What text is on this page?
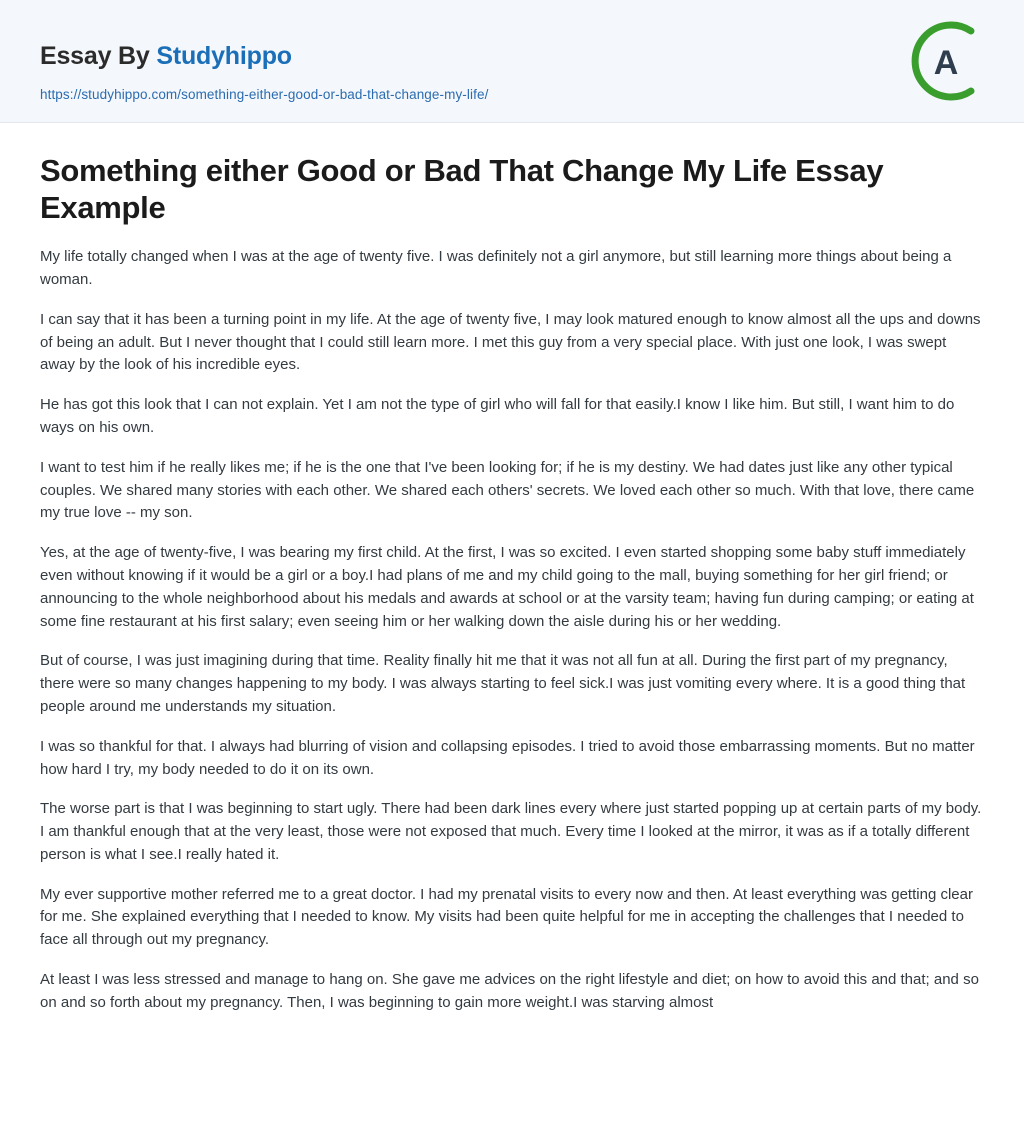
Essay By Studyhippo
https://studyhippo.com/something-either-good-or-bad-that-change-my-life/
A
Something either Good or Bad That Change My Life Essay Example

My life totally changed when I was at the age of twenty five. I was definitely not a girl anymore, but still learning more things about being a woman.

I can say that it has been a turning point in my life. At the age of twenty five, I may look matured enough to know almost all the ups and downs of being an adult. But I never thought that I could still learn more. I met this guy from a very special place. With just one look, I was swept away by the look of his incredible eyes.

He has got this look that I can not explain. Yet I am not the type of girl who will fall for that easily.I know I like him. But still, I want him to do ways on his own.

I want to test him if he really likes me; if he is the one that I've been looking for; if he is my destiny. We had dates just like any other typical couples. We shared many stories with each other. We shared each others' secrets. We loved each other so much. With that love, there came my true love -- my son.

Yes, at the age of twenty-five, I was bearing my first child. At the first, I was so excited. I even started shopping some baby stuff immediately even without knowing if it would be a girl or a boy.I had plans of me and my child going to the mall, buying something for her girl friend; or announcing to the whole neighborhood about his medals and awards at school or at the varsity team; having fun during camping; or eating at some fine restaurant at his first salary; even seeing him or her walking down the aisle during his or her wedding.

But of course, I was just imagining during that time. Reality finally hit me that it was not all fun at all. During the first part of my pregnancy, there were so many changes happening to my body. I was always starting to feel sick.I was just vomiting every where. It is a good thing that people around me understands my situation.

I was so thankful for that. I always had blurring of vision and collapsing episodes. I tried to avoid those embarrassing moments. But no matter how hard I try, my body needed to do it on its own.

The worse part is that I was beginning to start ugly. There had been dark lines every where just started popping up at certain parts of my body. I am thankful enough that at the very least, those were not exposed that much. Every time I looked at the mirror, it was as if a totally different person is what I see.I really hated it.

My ever supportive mother referred me to a great doctor. I had my prenatal visits to every now and then. At least everything was getting clear for me. She explained everything that I needed to know. My visits had been quite helpful for me in accepting the challenges that I needed to face all through out my pregnancy.

At least I was less stressed and manage to hang on. She gave me advices on the right lifestyle and diet; on how to avoid this and that; and so on and so forth about my pregnancy. Then, I was beginning to gain more weight.I was starving almost
